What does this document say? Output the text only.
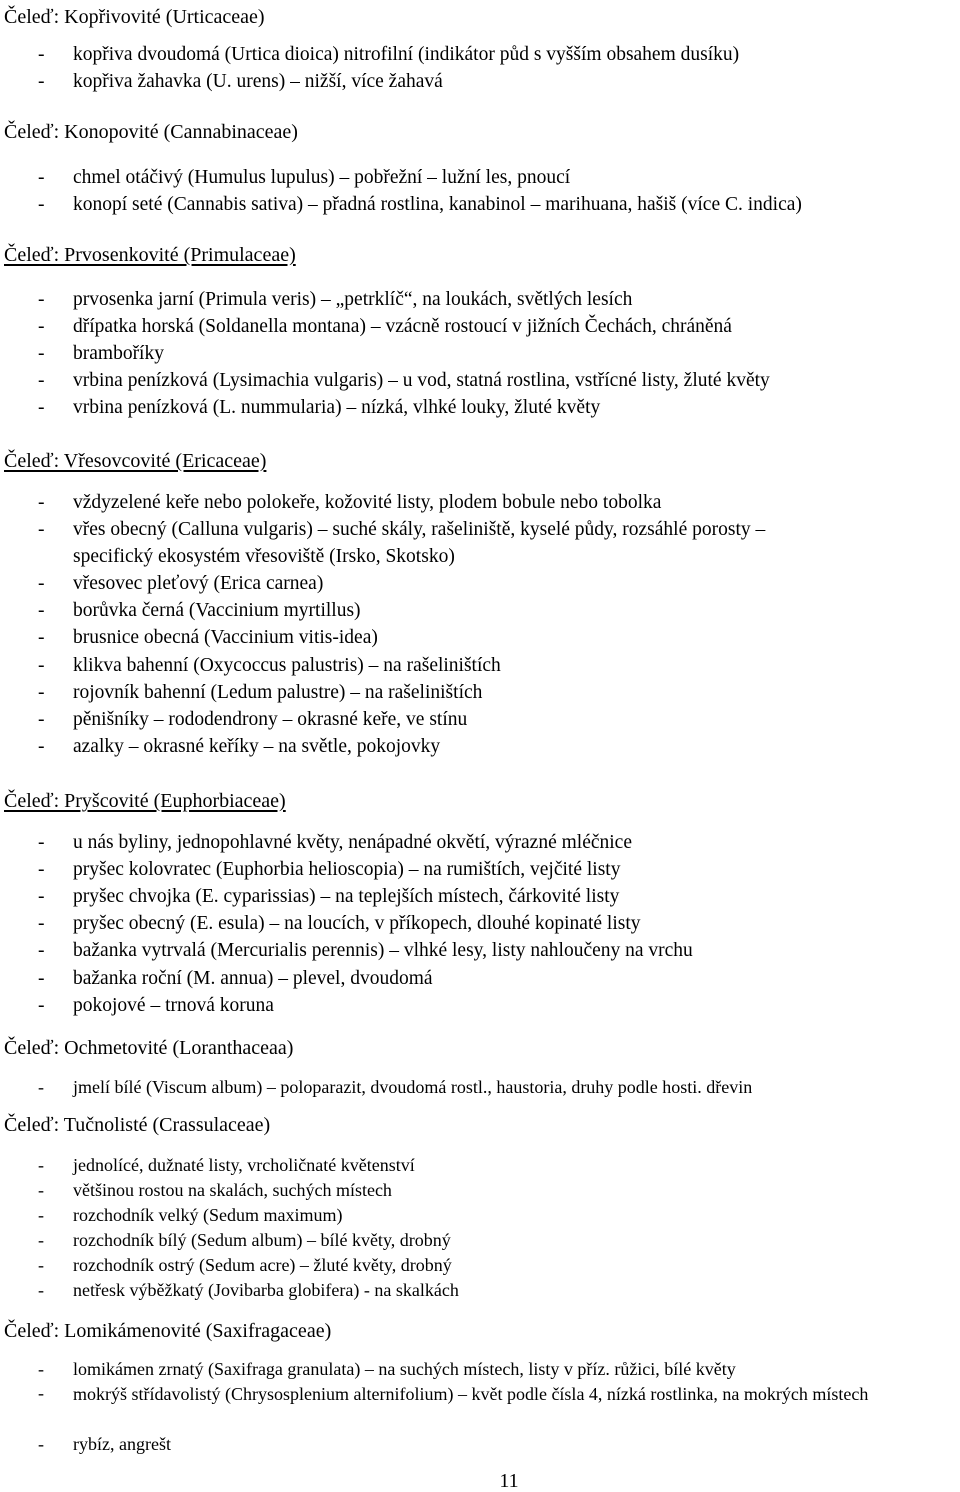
Čeleď: Kopřivovité (Urticaceae)
- kopřiva dvoudomá (Urtica dioica) nitrofilní (indikátor půd s vyšším obsahem dusíku)
- kopřiva žahavka (U. urens) – nižší, více žahavá
Čeleď: Konopovité (Cannabinaceae)
- chmel otáčivý (Humulus lupulus) – pobřežní – lužní les, pnoucí
- konopí seté (Cannabis sativa) – přadná rostlina, kanabinol – marihuana, hašiš (více C. indica)
Čeleď: Prvosenkovité (Primulaceae)
- prvosenka jarní (Primula veris) – „petrklíč“, na loukách, světlých lesích
- dřípatka horská (Soldanella montana) – vzácně rostoucí v jižních Čechách, chráněná
- bramboříky
- vrbina penízková (Lysimachia vulgaris) – u vod, statná rostlina, vstřícné listy, žluté květy
- vrbina penízková (L. nummularia) – nízká, vlhké louky, žluté květy
Čeleď: Vřesovcovité (Ericaceae)
- vždyzelené keře nebo polokeře, kožovité listy, plodem bobule nebo tobolka
- vřes obecný (Calluna vulgaris) – suché skály, rašeliniště, kyselé půdy, rozsáhlé porosty –
specifický ekosystém vřesoviště (Irsko, Skotsko)
- vřesovec pleťový (Erica carnea)
- borůvka černá (Vaccinium myrtillus)
- brusnice obecná (Vaccinium vitis-idea)
- klikva bahenní (Oxycoccus palustris) – na rašeliništích
- rojovník bahenní (Ledum palustre) – na rašeliništích
- pěnišníky – rododendrony – okrasné keře, ve stínu
- azalky – okrasné keříky – na světle, pokojovky
Čeleď: Pryšcovité (Euphorbiaceae)
- u nás byliny, jednopohlavné květy, nenápadné okvětí, výrazné mléčnice
- pryšec kolovratec (Euphorbia helioscopia) – na rumištích, vejčité listy
- pryšec chvojka (E. cyparissias) – na teplejších místech, čárkovité listy
- pryšec obecný (E. esula) – na loucích, v příkopech, dlouhé kopinaté listy
- bažanka vytrvalá (Mercurialis perennis) – vlhké lesy, listy nahloučeny na vrchu
- bažanka roční (M. annua) – plevel, dvoudomá
- pokojové – trnová koruna
Čeleď: Ochmetovité (Loranthaceaa)
- jmelí bílé (Viscum album) – poloparazit, dvoudomá rostl., haustoria, druhy podle hosti. dřevin
Čeleď: Tučnolisté (Crassulaceae)
- jednolícé, dužnaté listy, vrcholičnaté květenství
- většinou rostou na skalách, suchých místech
- rozchodník velký (Sedum maximum)
- rozchodník bílý (Sedum album) – bílé květy, drobný
- rozchodník ostrý (Sedum acre) – žluté květy, drobný
- netřesk výběžkatý (Jovibarba globifera) - na skalkách
Čeleď: Lomikámenovité (Saxifragaceae)
- lomikámen zrnatý (Saxifraga granulata) – na suchých místech, listy v příz. růžici, bílé květy
- mokrýš střídavolistý (Chrysosplenium alternifolium) – květ podle čísla 4, nízká rostlinka, na mokrých místech
- rybíz, angrešt
11
